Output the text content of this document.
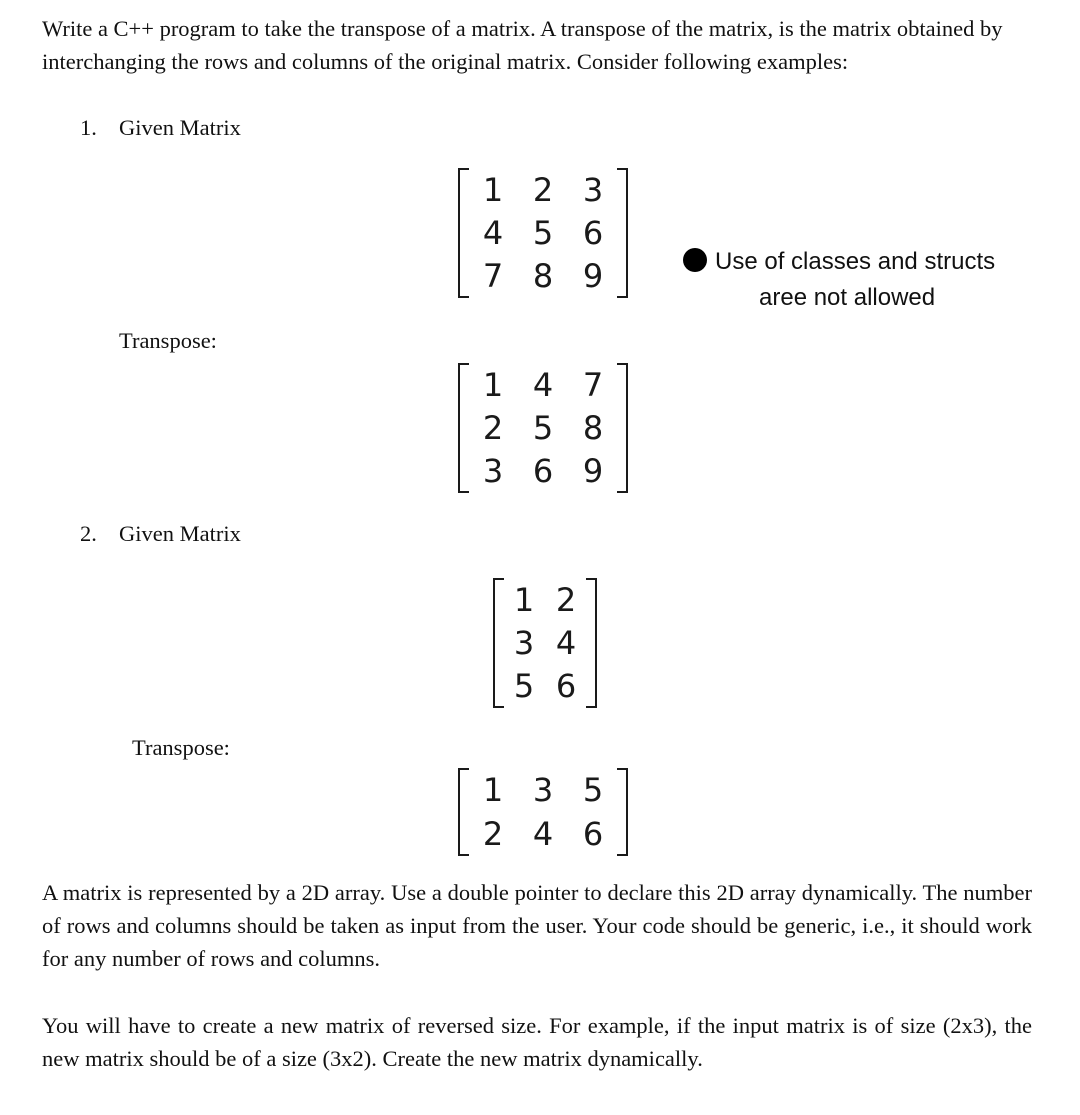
Write a C++ program to take the transpose of a matrix. A transpose of the matrix, is the matrix obtained by interchanging the rows and columns of the original matrix. Consider following examples:

1. Given Matrix
1 2 3
4 5 6
7 8 9	Use of classes and structs
aree not allowed
Transpose:
1 4 7
2 5 8
3 6 9
2. Given Matrix
1 2
3 4
5 6
Transpose:
1 3 5
2 4 6

A matrix is represented by a 2D array. Use a double pointer to declare this 2D array dynamically. The number of rows and columns should be taken as input from the user. Your code should be generic, i.e., it should work for any number of rows and columns.

You will have to create a new matrix of reversed size. For example, if the input matrix is of size (2x3), the new matrix should be of a size (3x2). Create the new matrix dynamically.
